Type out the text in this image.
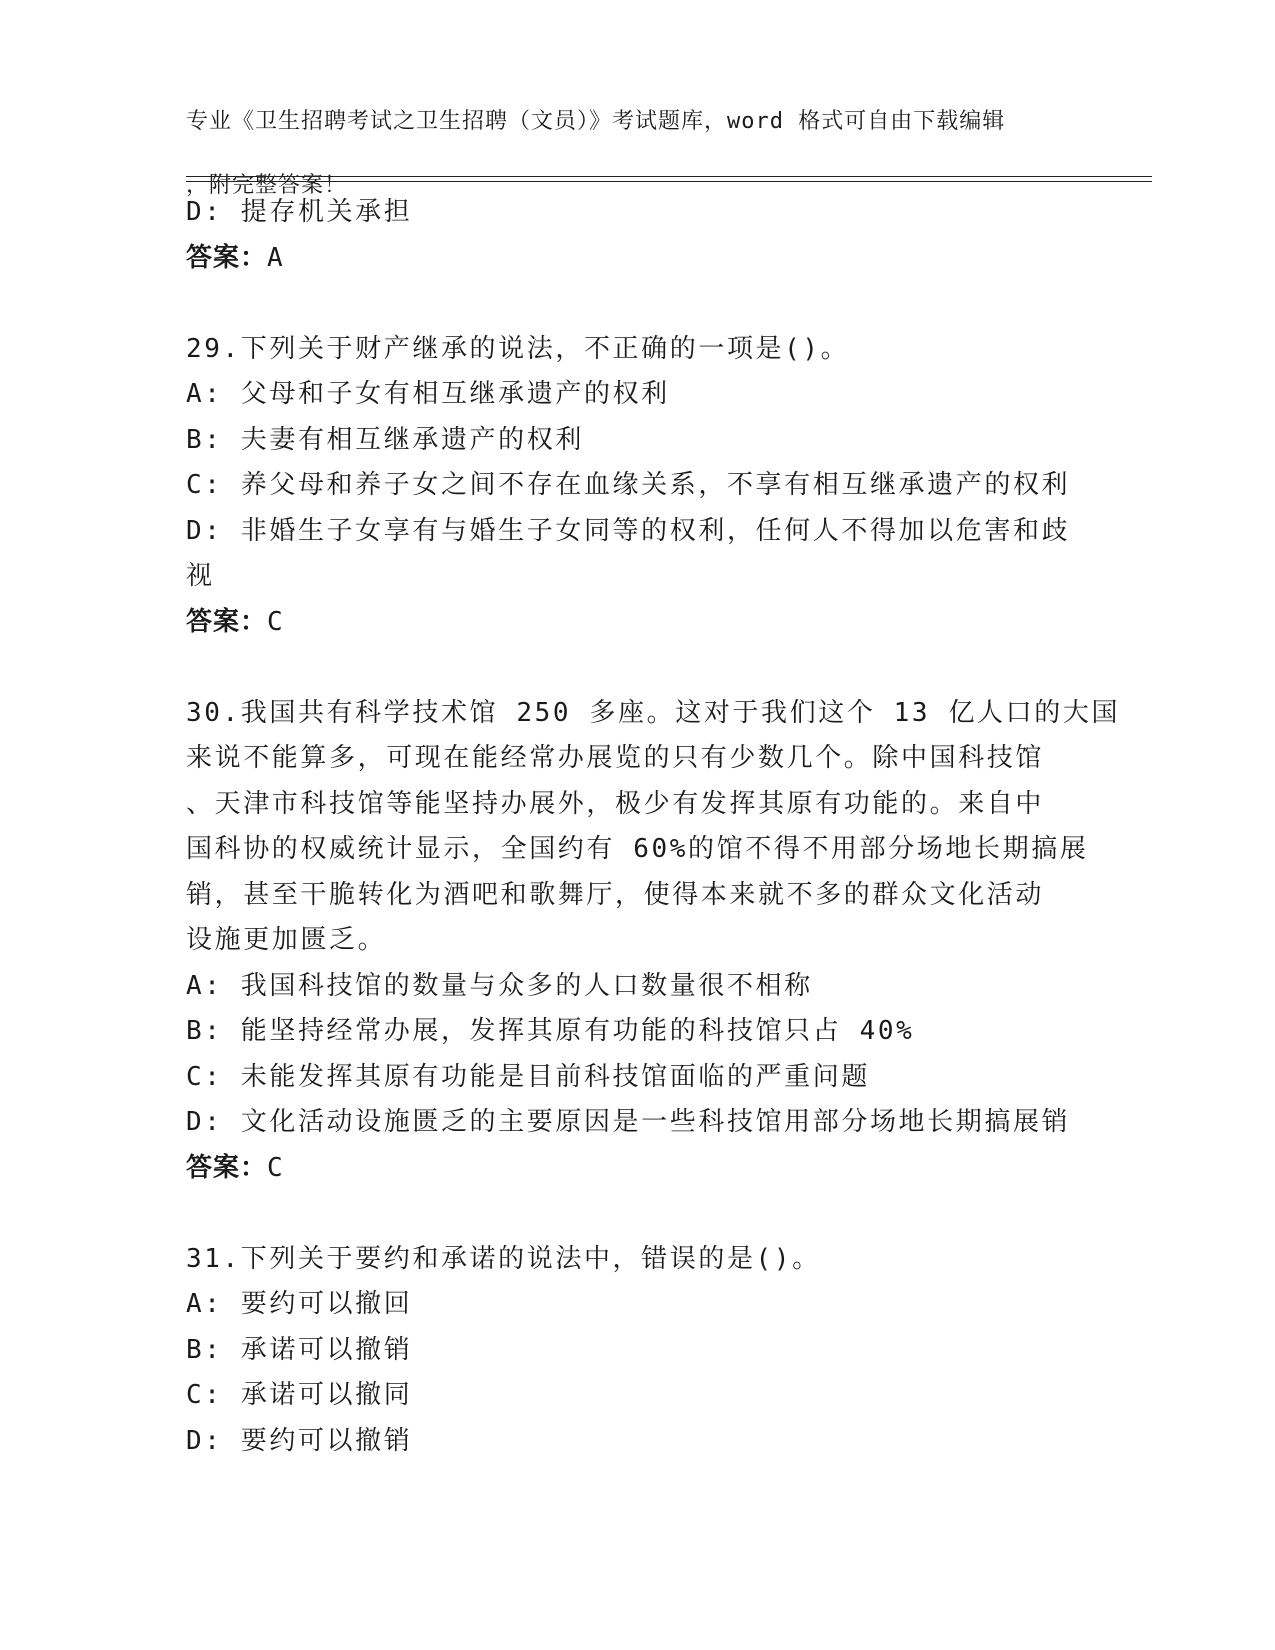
专业《卫生招聘考试之卫生招聘（文员）》考试题库，word 格式可自由下载编辑

，附完整答案！

D: 提存机关承担
答案：A
29.下列关于财产继承的说法，不正确的一项是()。
A: 父母和子女有相互继承遗产的权利
B: 夫妻有相互继承遗产的权利
C: 养父母和养子女之间不存在血缘关系，不享有相互继承遗产的权利
D: 非婚生子女享有与婚生子女同等的权利，任何人不得加以危害和歧
视
答案：C
30.我国共有科学技术馆 250 多座。这对于我们这个 13 亿人口的大国
来说不能算多，可现在能经常办展览的只有少数几个。除中国科技馆
、天津市科技馆等能坚持办展外，极少有发挥其原有功能的。来自中
国科协的权威统计显示，全国约有 60%的馆不得不用部分场地长期搞展
销，甚至干脆转化为酒吧和歌舞厅，使得本来就不多的群众文化活动
设施更加匮乏。
A: 我国科技馆的数量与众多的人口数量很不相称
B: 能坚持经常办展，发挥其原有功能的科技馆只占 40%
C: 未能发挥其原有功能是目前科技馆面临的严重问题
D: 文化活动设施匮乏的主要原因是一些科技馆用部分场地长期搞展销
答案：C
31.下列关于要约和承诺的说法中，错误的是()。
A: 要约可以撤回
B: 承诺可以撤销
C: 承诺可以撤同
D: 要约可以撤销
